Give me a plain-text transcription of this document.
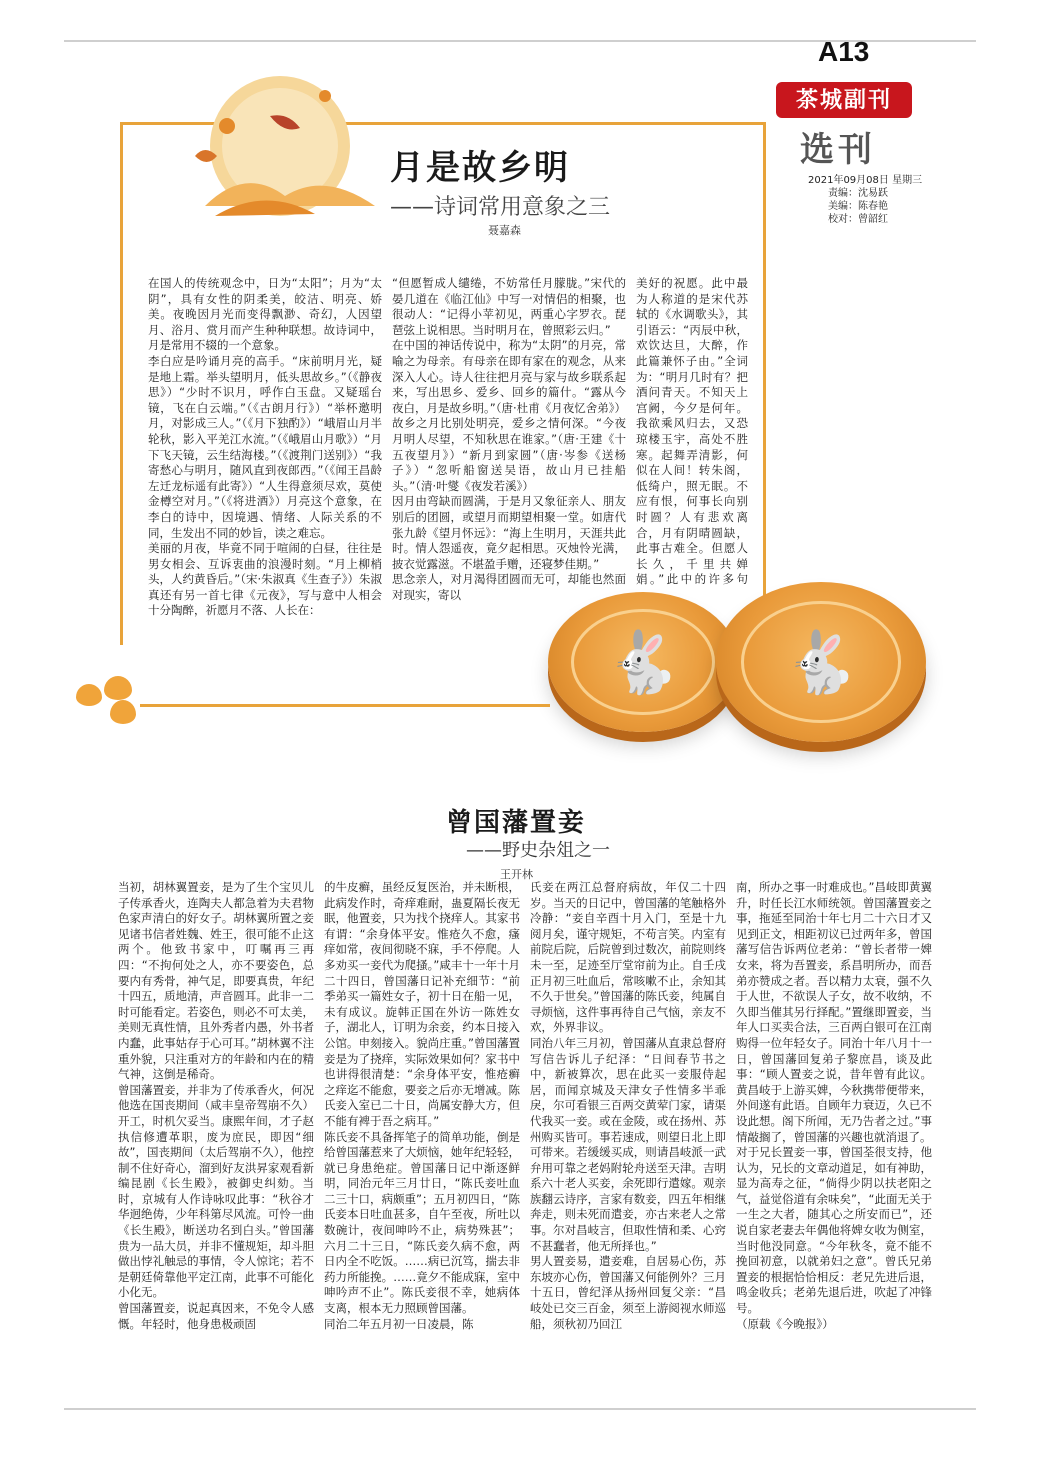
A13
茶城副刊
选刊
2021年09月08日 星期三
责编：沈易跃
美编：陈春艳
校对：曾韶红
月是故乡明
——诗词常用意象之三
聂嘉森
在国人的传统观念中，日为“太阳”；月为“太阴”，具有女性的阴柔美，皎洁、明亮、娇美。夜晚因月光而变得飘渺、奇幻，人因望月、浴月、赏月而产生种种联想。故诗词中，月是常用不辍的一个意象。
李白应是吟诵月亮的高手。“床前明月光，疑是地上霜。举头望明月，低头思故乡。”（《静夜思》）“少时不识月，呼作白玉盘。又疑瑶台镜，飞在白云端。”（《古朗月行》）“举杯邀明月，对影成三人。”（《月下独酌》）“峨眉山月半轮秋，影入平羌江水流。”（《峨眉山月歌》）“月下飞天镜，云生结海楼。”（《渡荆门送别》）“我寄愁心与明月，随风直到夜郎西。”（《闻王昌龄左迁龙标遥有此寄》）“人生得意须尽欢，莫使金樽空对月。”（《将进酒》）月亮这个意象，在李白的诗中，因境遇、情绪、人际关系的不同，生发出不同的妙旨，读之难忘。
美丽的月夜，毕竟不同于喧闹的白昼，往往是男女相会、互诉衷曲的浪漫时刻。“月上柳梢头，人约黄昏后。”（宋·朱淑真《生查子》）朱淑真还有另一首七律《元夜》，写与意中人相会十分陶醉，祈愿月不落、人长在：
“但愿暂成人缱绻，不妨常任月朦胧。”宋代的晏几道在《临江仙》中写一对情侣的相聚，也很动人：“记得小苹初见，两重心字罗衣。琵琶弦上说相思。当时明月在，曾照彩云归。”
在中国的神话传说中，称为“太阴”的月亮，常喻之为母亲。有母亲在即有家在的观念，从来深入人心。诗人往往把月亮与家与故乡联系起来，写出思乡、爱乡、回乡的篇什。“露从今夜白，月是故乡明。”（唐·杜甫《月夜忆舍弟》）故乡之月比别处明亮，爱乡之情何深。“今夜月明人尽望，不知秋思在谁家。”（唐·王建《十五夜望月》）“新月到家圆”（唐·岑参《送杨子》）“忽听船窗送吴语，故山月已挂船头。”（清·叶燮《夜发若溪》）
因月由弯缺而圆满，于是月又象征亲人、朋友别后的团圆，或望月而期望相聚一堂。如唐代张九龄《望月怀远》：“海上生明月，天涯共此时。情人怨遥夜，竟夕起相思。灭烛怜光满，披衣觉露滋。不堪盈手赠，还寝梦佳期。”
思念亲人，对月渴得团圆而无可，却能也然面对现实，寄以
美好的祝愿。此中最为人称道的是宋代苏轼的《水调歌头》，其引语云：“丙辰中秋，欢饮达旦，大醉，作此篇兼怀子由。”全词为：“明月几时有？把酒问青天。不知天上宫阙，今夕是何年。我欲乘风归去，又恐琼楼玉宇，高处不胜寒。起舞弄清影，何似在人间！转朱阁，低绮户，照无眠。不应有恨，何事长向别时圆？人有悲欢离合，月有阴晴圆缺，此事古难全。但愿人长久，千里共婵娟。”此中的许多句

🐇	🐇
曾国藩置妾
——野史杂俎之一
王开林
当初，胡林翼置妾，是为了生个宝贝儿子传承香火，连陶夫人都急着为夫君物色家声清白的好女子。胡林翼所置之妾见诸书信者姓魏、姓王，很可能不止这两个。他致书家中，叮嘱再三再四：“不拘何处之人，亦不要姿色，总要内有秀骨，神气足，即要真贵，年纪十四五，质地清，声音圆耳。此非一二时可能看定。若姿色，则必不可太美，美则无真性情，且外秀者内愚，外书者内蠢，此事姑存于心可耳。”胡林翼不注重外貌，只注重对方的年龄和内在的精气神，这倒是稀奇。
曾国藩置妾，并非为了传承香火，何况他选在国丧期间（咸丰皇帝驾崩不久）开工，时机欠妥当。康熙年间，才子赵执信修遭革职，废为庶民，即因“细故”，国丧期间（太后驾崩不久），他控制不住好奇心，溜到好友洪昇家观看新编昆剧《长生殿》，被御史纠劾。当时，京城有人作诗咏叹此事：“秋谷才华迥绝俦，少年科第尽风流。可怜一曲《长生殿》，断送功名到白头。”曾国藩贵为一品大员，并非不懂规矩，却斗胆做出悖礼触忌的事情，令人惊诧；若不是朝廷倚靠他平定江南，此事不可能化小化无。
曾国藩置妾，说起真因来，不免令人感慨。年轻时，他身患极顽固
的牛皮癣，虽经反复医治，并未断根，此病发作时，奇痒难耐，蛊夏隔长夜无眠，他置妾，只为找个挠痒人。其家书有谓：“余身体平安。惟疮久不愈，瘙痒如常，夜间彻晓不寐，手不停爬。人多劝买一妾代为爬搔。”咸丰十一年十月二十四日，曾国藩日记补充细节：“前季弟买一篇姓女子，初十日在船一见，未有成议。旋韩正国在外访一陈姓女子，湖北人，订明为余妾，约本日接入公馆。申刻接入。貌尚庄重。”曾国藩置妾是为了挠痒，实际效果如何？家书中也讲得很清楚：“余身体平安，惟疮癣之痒迄不能愈，要妾之后亦无增减。陈氏妾入室已二十日，尚属安静大方，但不能有裨于吾之病耳。”
陈氏妾不具备挥笔子的简单功能，倒是给曾国藩惹来了大烦恼，她年纪轻轻，就已身患绝症。曾国藩日记中渐逐鲜明，同治元年三月廿日，“陈氏妾吐血二三十口，病颇重”；五月初四日，“陈氏妾本日吐血甚多，自午至夜，所吐以数碗计，夜间呻吟不止，病势殊甚”；六月二十三日，“陈氏妾久病不愈，两日内全不吃饭。……病已沉笃，揣去非药力所能挽。……竟夕不能成寐，室中呻吟声不止”。陈氏妾很不幸，她病体支离，根本无力照顾曾国藩。
同治二年五月初一日凌晨，陈
氏妾在两江总督府病故，年仅二十四岁。当天的日记中，曾国藩的笔触格外冷静：“妾自辛酉十月入门，至是十九阅月矣，谨守规矩，不苟言笑。内室有前院后院，后院曾到过数次，前院则终未一至，足迹至厅堂帘前为止。自壬戌正月初三吐血后，常咳嗽不止，余知其不久于世矣。”曾国藩的陈氏妾，纯属自寻烦恼，这件事再待自己气恼，亲友不欢，外界非议。
同治八年三月初，曾国藩从直隶总督府写信告诉儿子纪泽：“日间春节书之中，新被算次，思在此买一妾服侍起居，而闻京城及天津女子性情多半乖戾，尔可看银三百两交黄荤门家，请渠代我买一妾。或在金陵，或在扬州、苏州购买皆可。事若速成，则望日北上即可带来。若缓缓买成，则请昌岐派一武弁用可靠之老妈附轮舟送至天津。吉明系六十老人买妾，余死即行遣嫁。观亲族翻云诗序，言家有数妾，四五年相继奔走，则未死而遣妾，亦古来老人之常事。尔对昌岐言，但取性情和柔、心窍不甚蠢者，他无所择也。”
男人置妾易，遣妾难，自居易心伤，苏东坡亦心伤，曾国藩又何能例外？三月十五日，曾纪泽从扬州回复父亲：“昌岐处已交三百金，须至上游阅视水师巡船，须秋初乃回江
南，所办之事一时难成也。”昌岐即黄翼升，时任长江水师统领。曾国藩置妾之事，拖延至同治十年七月二十六日才又见到正文，相距初议已过两年多，曾国藩写信告诉两位老弟：“曾长者带一婢女来，将为吾置妾，系昌明所办，而吾弟亦赞成之者。吾以精力太衰，强不久于人世，不欲误人子女，故不收纳，不久即当催其另行择配。”置继即置妾，当年人口买卖合法，三百两白银可在江南购得一位年轻女子。同治十年八月十一日，曾国藩回复弟子黎庶昌，谈及此事：“顾人置妾之说，昔年曾有此议。黄昌岐于上游买婢，今秋携带便带来，外间遂有此语。自顾年力衰迈，久已不设此想。阁下所闻，无乃告者之过。”事情敲搁了，曾国藩的兴趣也就消退了。
对于兄长置妾一事，曾国荃很支持，他认为，兄长的文章动道足，如有神助，显为高寿之征，“倘得少阴以扶老阳之气，益觉俗道有余味矣”，“此面无关于一生之大者，随其心之所安而已”，还说自家老妻去年偶他将婢女收为侧室，当时他没同意。“今年秋冬，竟不能不挽回初意，以就弟妇之意”。曾氏兄弟置妾的根据恰恰相反：老兄先进后退，鸣金收兵；老弟先退后进，吹起了冲锋号。
（原载《今晚报》）
